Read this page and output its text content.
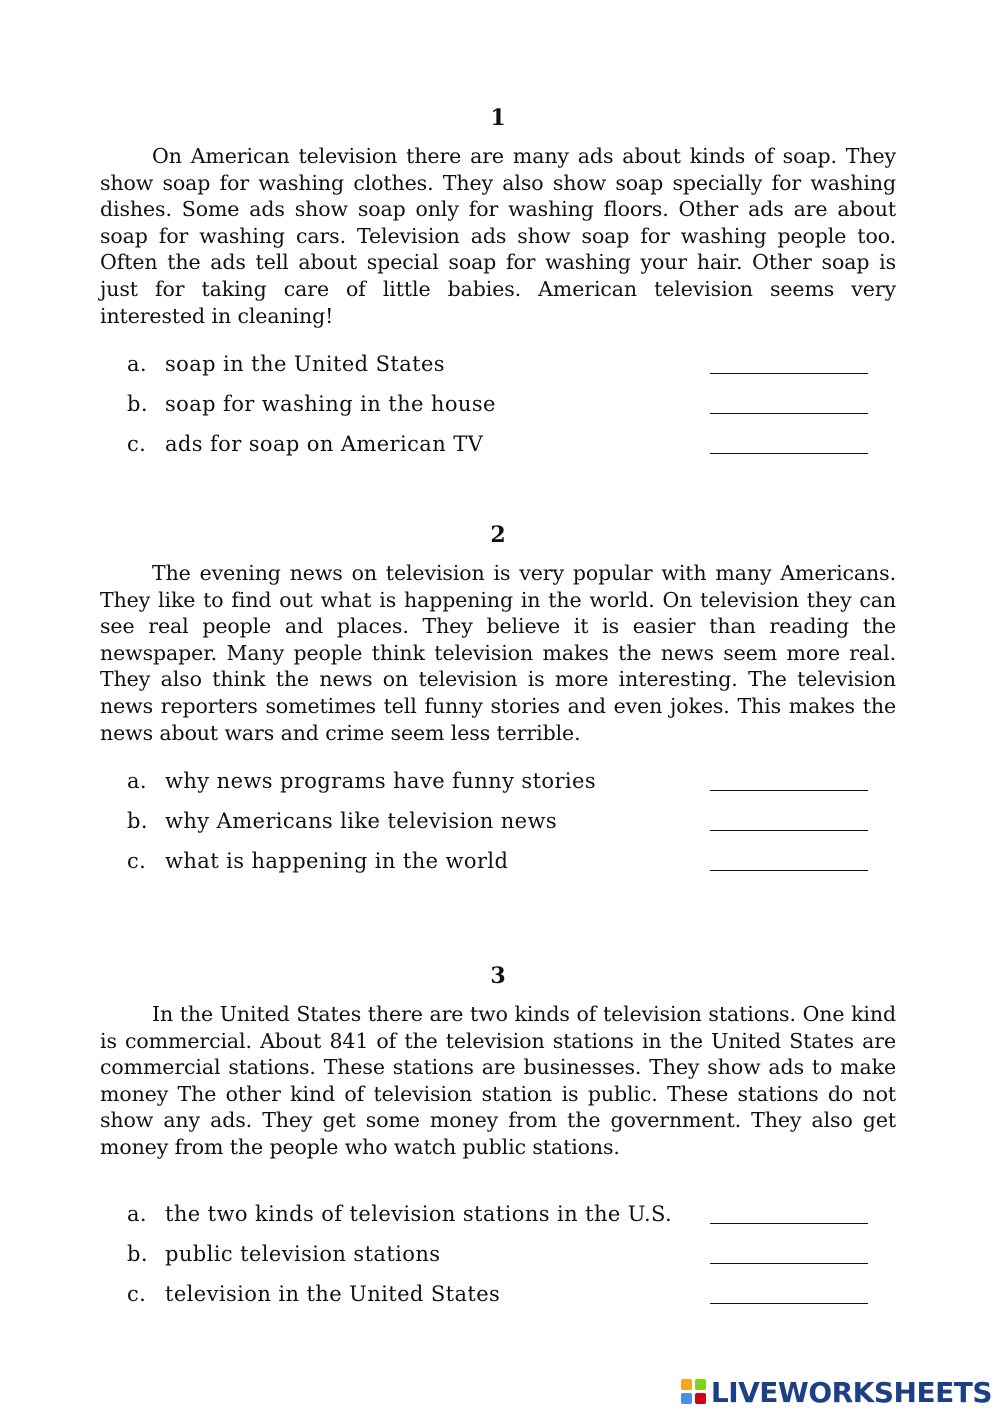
1

On American television there are many ads about kinds of soap. They show soap for washing clothes. They also show soap specially for washing dishes. Some ads show soap only for washing floors. Other ads are about soap for washing cars. Television ads show soap for washing people too. Often the ads tell about special soap for washing your hair. Other soap is just for taking care of little babies. American television seems very interested in cleaning!

a. soap in the United States
b. soap for washing in the house
c. ads for soap on American TV
2

The evening news on television is very popular with many Americans. They like to find out what is happening in the world. On television they can see real people and places. They believe it is easier than reading the newspaper. Many people think television makes the news seem more real. They also think the news on television is more interesting. The television news reporters sometimes tell funny stories and even jokes. This makes the news about wars and crime seem less terrible.

a. why news programs have funny stories
b. why Americans like television news
c. what is happening in the world
3

In the United States there are two kinds of television stations. One kind is commercial. About 841 of the television stations in the United States are commercial stations. These stations are businesses. They show ads to make money The other kind of television station is public. These stations do not show any ads. They get some money from the government. They also get money from the people who watch public stations.

a. the two kinds of television stations in the U.S.
b. public television stations
c. television in the United States
LIVEWORKSHEETS
